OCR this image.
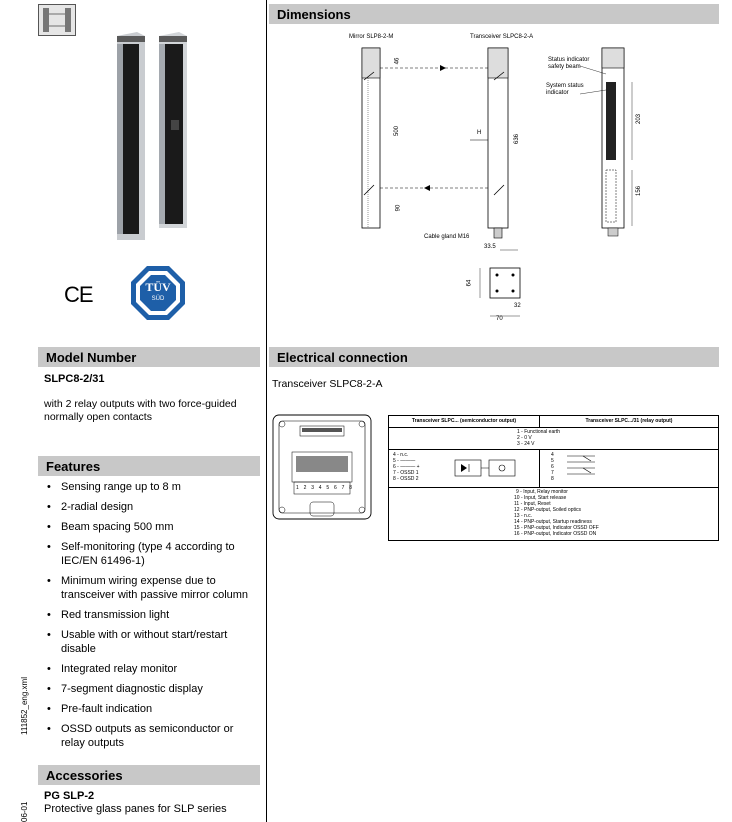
CE	TÜV
SÜD
Model Number
SLPC8-2/31
with 2 relay outputs with two force-guided normally open contacts
Features
• Sensing range up to 8 m
• 2-radial design
• Beam spacing 500 mm
• Self-monitoring (type 4 according to IEC/EN 61496-1)
• Minimum wiring expense due to transceiver with passive mirror column
• Red transmission light
• Usable with or without start/restart disable
• Integrated relay monitor
• 7-segment diagnostic display
• Pre-fault indication
• OSSD outputs as semiconductor or relay outputs
Accessories
PG SLP-2
Protective glass panes for SLP series
111852_eng.xml
06-01
Dimensions
Mirror SLP8-2-M	Transceiver SLPC8-2-A
Status indicator safety beam
System status indicator
Cable gland M16
46
500
90
636
H
33.5
203
156
64
32
70
Electrical connection
Transceiver SLPC8-2-A
1 2 3 4 5 6 7 8
Transceiver SLPC... (semiconductor output)	Transceiver SLPC.../31 (relay output)
1 - Functional earth
2 - 0 V
3 - 24 V
4 - n.c.
5 - ———
6 - ——— +
7 - OSSD 1
8 - OSSD 2
4
5
6
7
8
9 - Input, Relay monitor
10 - Input, Start release
11 - Input, Reset
12 - PNP-output, Soiled optics
13 - n.c.
14 - PNP-output, Startup readiness
15 - PNP-output, Indicator OSSD OFF
16 - PNP-output, Indicator OSSD ON
